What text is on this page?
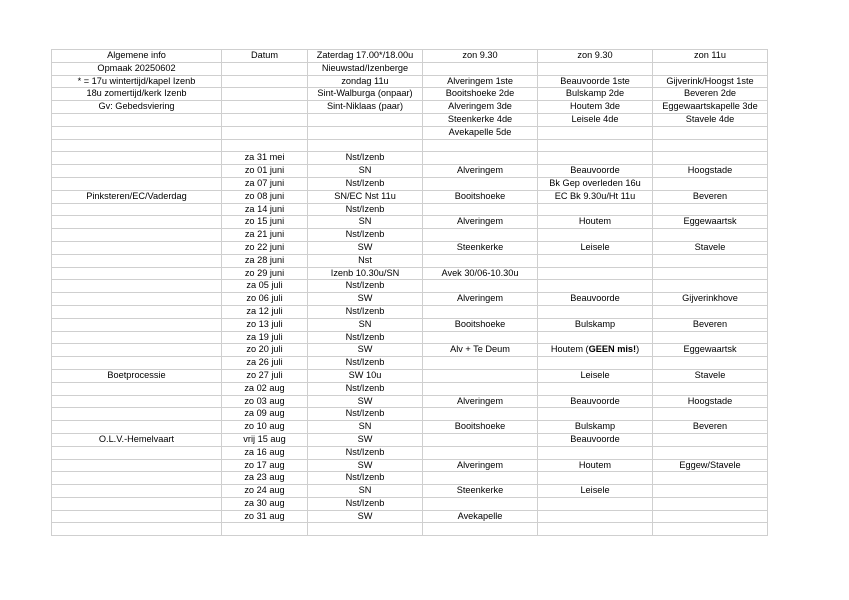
Algemene info	Datum	Zaterdag 17.00*/18.00u	zon 9.30	zon 9.30	zon 11u
Opmaak 20250602		Nieuwstad/Izenberge			
* = 17u wintertijd/kapel Izenb		zondag 11u	Alveringem 1ste	Beauvoorde 1ste	Gijverink/Hoogst 1ste
18u zomertijd/kerk Izenb		Sint-Walburga (onpaar)	Booitshoeke 2de	Bulskamp 2de	Beveren 2de
Gv: Gebedsviering		Sint-Niklaas (paar)	Alveringem 3de	Houtem 3de	Eggewaartskapelle 3de
			Steenkerke 4de	Leisele 4de	Stavele 4de
			Avekapelle 5de		

	za 31 mei	Nst/Izenb			
	zo 01 juni	SN	Alveringem	Beauvoorde	Hoogstade
	za 07 juni	Nst/Izenb		Bk Gep overleden 16u	
Pinksteren/EC/Vaderdag	zo 08 juni	SN/EC Nst 11u	Booitshoeke	EC Bk 9.30u/Ht 11u	Beveren
	za 14 juni	Nst/Izenb			
	zo 15 juni	SN	Alveringem	Houtem	Eggewaartsk
	za 21 juni	Nst/Izenb			
	zo 22 juni	SW	Steenkerke	Leisele	Stavele
	za 28 juni	Nst			
	zo 29 juni	Izenb 10.30u/SN	Avek 30/06-10.30u		
	za 05 juli	Nst/Izenb			
	zo 06 juli	SW	Alveringem	Beauvoorde	Gijverinkhove
	za 12 juli	Nst/Izenb			
	zo 13 juli	SN	Booitshoeke	Bulskamp	Beveren
	za 19 juli	Nst/Izenb			
	zo 20 juli	SW	Alv + Te Deum	Houtem (GEEN mis!)	Eggewaartsk
	za 26 juli	Nst/Izenb			
Boetprocessie	zo 27 juli	SW 10u		Leisele	Stavele
	za 02 aug	Nst/Izenb			
	zo 03 aug	SW	Alveringem	Beauvoorde	Hoogstade
	za 09 aug	Nst/Izenb			
	zo 10 aug	SN	Booitshoeke	Bulskamp	Beveren
O.L.V.-Hemelvaart	vrij 15 aug	SW		Beauvoorde	
	za 16 aug	Nst/Izenb			
	zo 17 aug	SW	Alveringem	Houtem	Eggew/Stavele
	za 23 aug	Nst/Izenb			
	zo 24 aug	SN	Steenkerke	Leisele	
	za 30 aug	Nst/Izenb			
	zo 31 aug	SW	Avekapelle		
